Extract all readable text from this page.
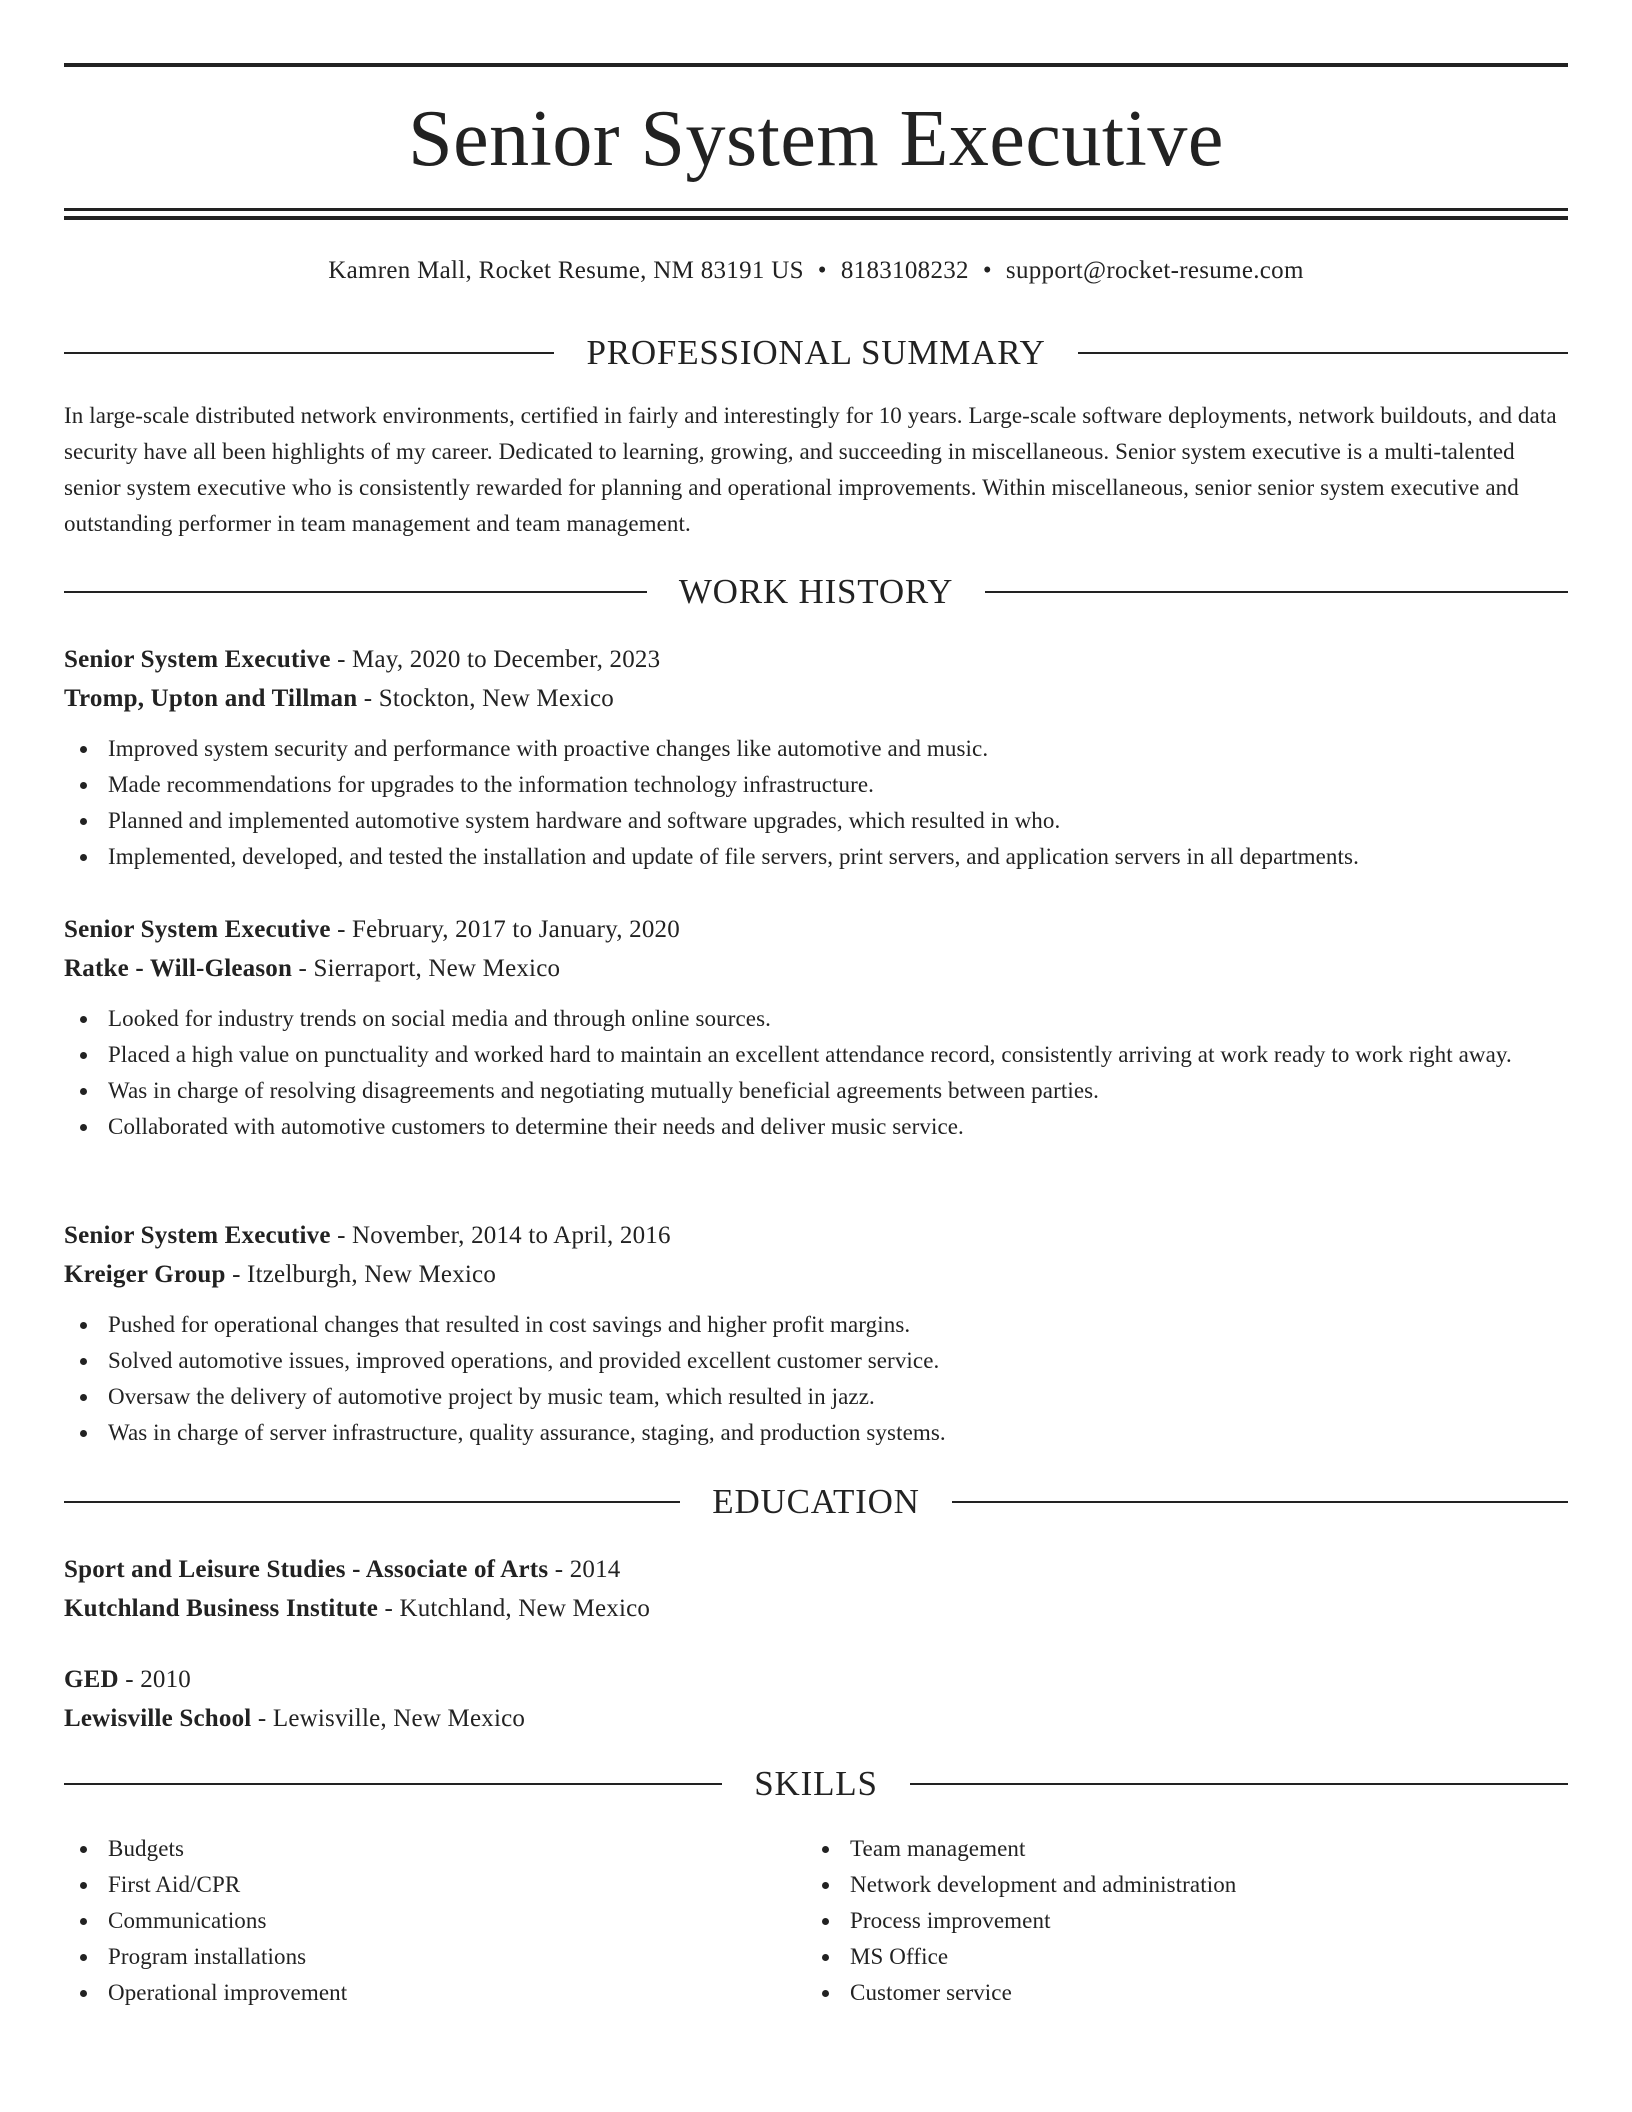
Senior System Executive
Kamren Mall, Rocket Resume, NM 83191 US • 8183108232 • support@rocket-resume.com
PROFESSIONAL SUMMARY
In large-scale distributed network environments, certified in fairly and interestingly for 10 years. Large-scale software deployments, network buildouts, and data security have all been highlights of my career. Dedicated to learning, growing, and succeeding in miscellaneous. Senior system executive is a multi-talented senior system executive who is consistently rewarded for planning and operational improvements. Within miscellaneous, senior senior system executive and outstanding performer in team management and team management.
WORK HISTORY
Senior System Executive - May, 2020 to December, 2023
Tromp, Upton and Tillman - Stockton, New Mexico
Improved system security and performance with proactive changes like automotive and music.
Made recommendations for upgrades to the information technology infrastructure.
Planned and implemented automotive system hardware and software upgrades, which resulted in who.
Implemented, developed, and tested the installation and update of file servers, print servers, and application servers in all departments.
Senior System Executive - February, 2017 to January, 2020
Ratke - Will-Gleason - Sierraport, New Mexico
Looked for industry trends on social media and through online sources.
Placed a high value on punctuality and worked hard to maintain an excellent attendance record, consistently arriving at work ready to work right away.
Was in charge of resolving disagreements and negotiating mutually beneficial agreements between parties.
Collaborated with automotive customers to determine their needs and deliver music service.
Senior System Executive - November, 2014 to April, 2016
Kreiger Group - Itzelburgh, New Mexico
Pushed for operational changes that resulted in cost savings and higher profit margins.
Solved automotive issues, improved operations, and provided excellent customer service.
Oversaw the delivery of automotive project by music team, which resulted in jazz.
Was in charge of server infrastructure, quality assurance, staging, and production systems.
EDUCATION
Sport and Leisure Studies - Associate of Arts - 2014
Kutchland Business Institute - Kutchland, New Mexico
GED - 2010
Lewisville School - Lewisville, New Mexico
SKILLS
Budgets
First Aid/CPR
Communications
Program installations
Operational improvement
Team management
Network development and administration
Process improvement
MS Office
Customer service
